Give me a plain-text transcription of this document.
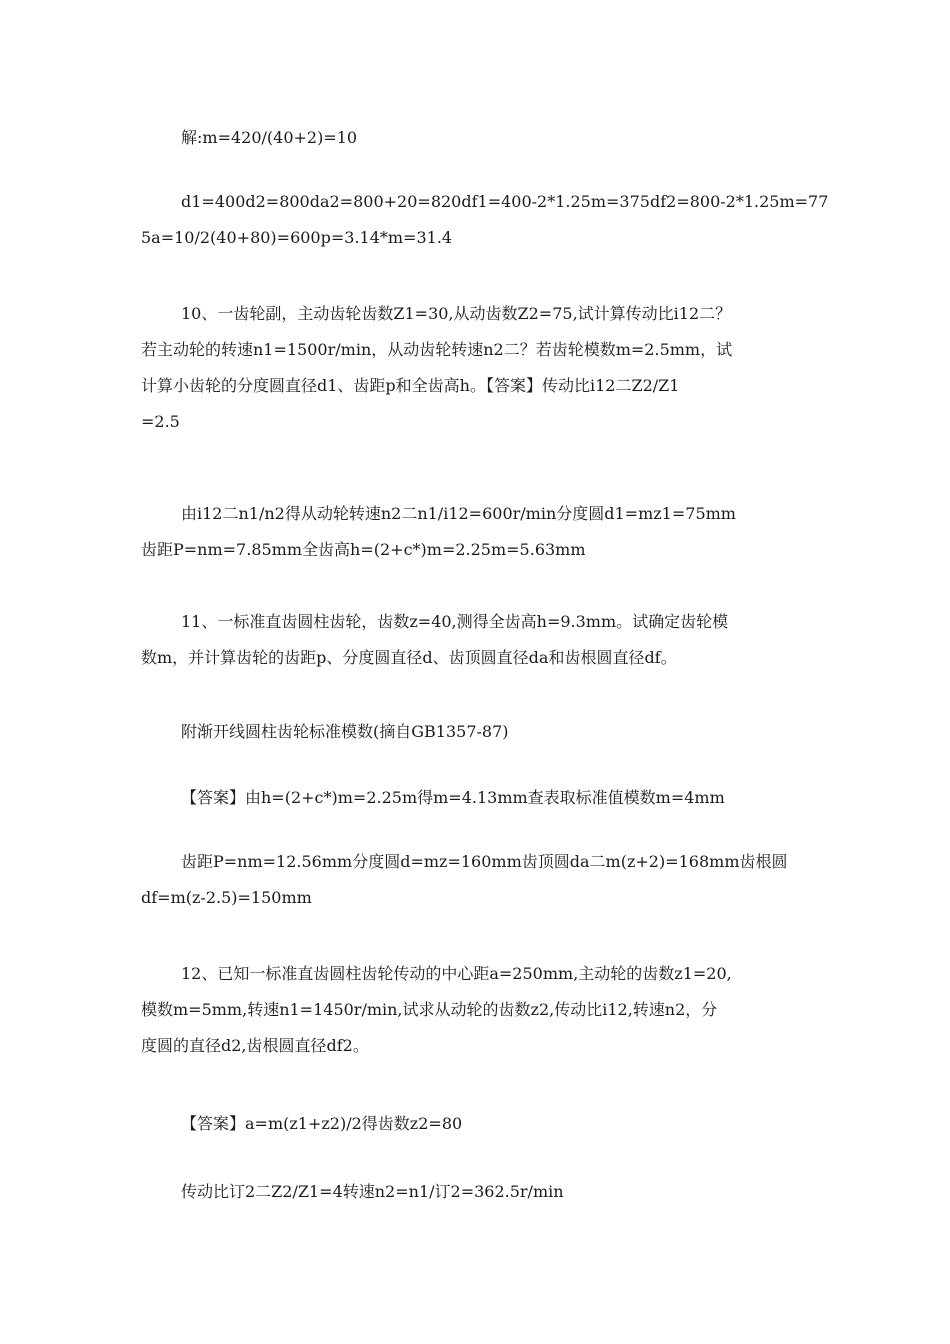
解:m=420/(40+2)=10
d1=400d2=800da2=800+20=820df1=400-2*1.25m=375df2=800-2*1.25m=77
5a=10/2(40+80)=600p=3.14*m=31.4
10、一齿轮副，主动齿轮齿数Z1=30,从动齿数Z2=75,试计算传动比i12二？
若主动轮的转速n1=1500r/min，从动齿轮转速n2二？若齿轮模数m=2.5mm，试
计算小齿轮的分度圆直径d1、齿距p和全齿高h。【答案】传动比i12二Z2/Z1
=2.5
由i12二n1/n2得从动轮转速n2二n1/i12=600r/min分度圆d1=mz1=75mm
齿距P=nm=7.85mm全齿高h=(2+c*)m=2.25m=5.63mm
11、一标准直齿圆柱齿轮，齿数z=40,测得全齿高h=9.3mm。试确定齿轮模
数m，并计算齿轮的齿距p、分度圆直径d、齿顶圆直径da和齿根圆直径df。
附渐开线圆柱齿轮标准模数(摘自GB1357-87)
【答案】由h=(2+c*)m=2.25m得m=4.13mm查表取标准值模数m=4mm
齿距P=nm=12.56mm分度圆d=mz=160mm齿顶圆da二m(z+2)=168mm齿根圆
df=m(z-2.5)=150mm
12、已知一标准直齿圆柱齿轮传动的中心距a=250mm,主动轮的齿数z1=20,
模数m=5mm,转速n1=1450r/min,试求从动轮的齿数z2,传动比i12,转速n2，分
度圆的直径d2,齿根圆直径df2。
【答案】a=m(z1+z2)/2得齿数z2=80
传动比订2二Z2/Z1=4转速n2=n1/订2=362.5r/min
